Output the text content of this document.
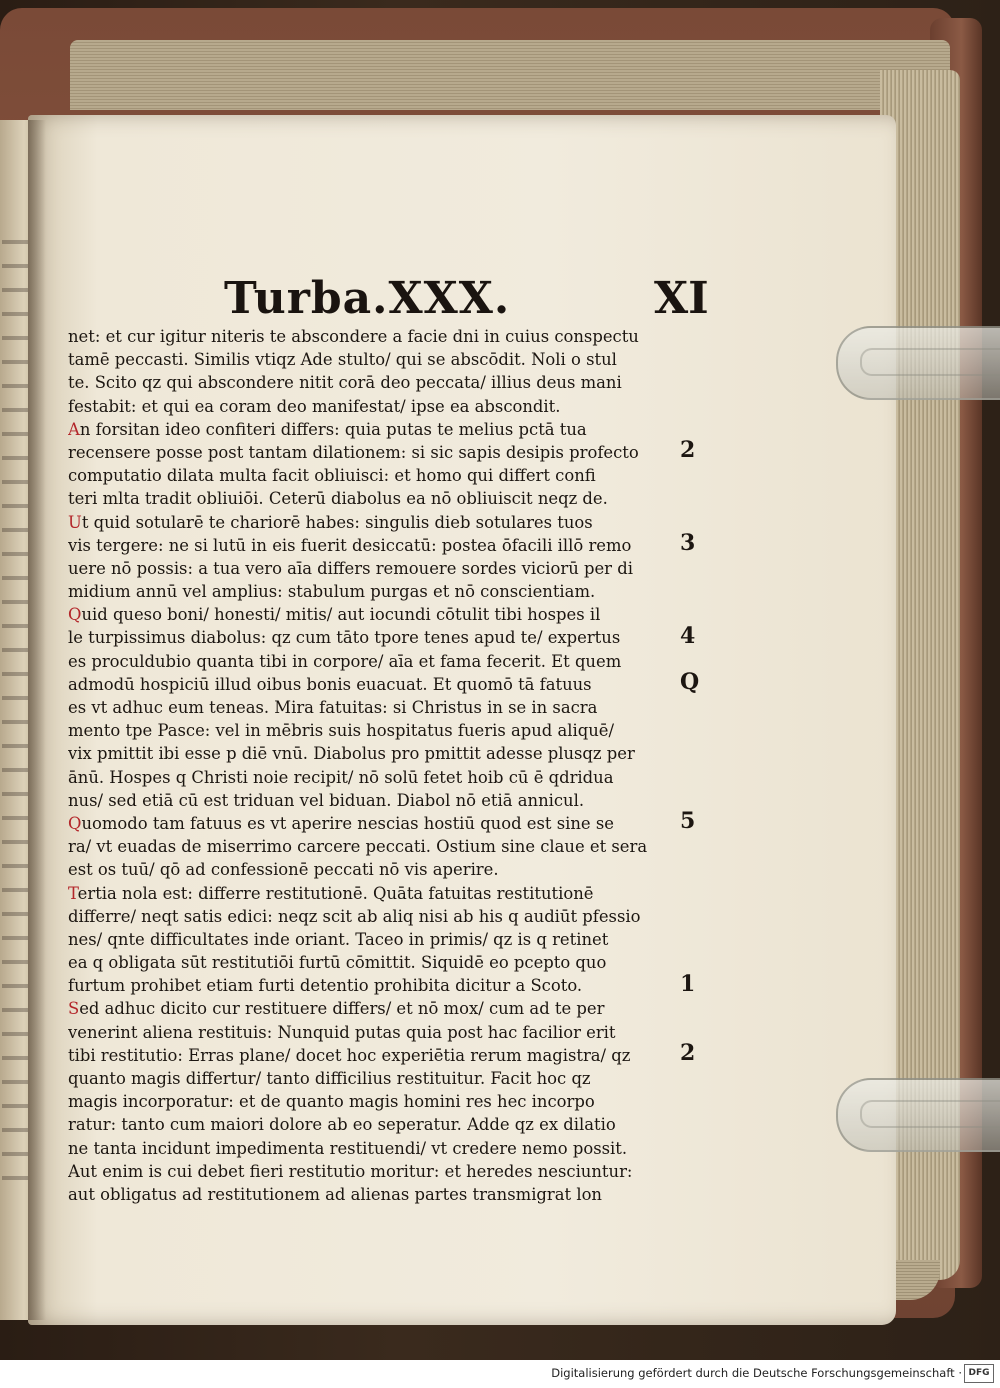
Turba.XXX.	XI
net: et cur igitur niteris te abscondere a facie dni in cuius conspectu
tamē peccasti. Similis vtiqz Ade stulto/ qui se abscōdit. Noli o stul
te. Scito qz qui abscondere nitit corā deo peccata/ illius deus mani
festabit: et qui ea coram deo manifestat/ ipse ea abscondit.
An forsitan ideo confiteri differs: quia putas te melius pctā tua
recensere posse post tantam dilationem: si sic sapis desipis profecto
computatio dilata multa facit obliuisci: et homo qui differt confi
teri mlta tradit obliuiōi. Ceterū diabolus ea nō obliuiscit neqz de.
Ut quid sotularē te chariorē habes: singulis dieb sotulares tuos
vis tergere: ne si lutū in eis fuerit desiccatū: postea ōfacili illō remo
uere nō possis: a tua vero aīa differs remouere sordes viciorū per di
midium annū vel amplius: stabulum purgas et nō conscientiam.
Quid queso boni/ honesti/ mitis/ aut iocundi cōtulit tibi hospes il
le turpissimus diabolus: qz cum tāto tpore tenes apud te/ expertus
es proculdubio quanta tibi in corpore/ aīa et fama fecerit. Et quem
admodū hospiciū illud oibus bonis euacuat. Et quomō tā fatuus
es vt adhuc eum teneas. Mira fatuitas: si Christus in se in sacra
mento tpe Pasce: vel in mēbris suis hospitatus fueris apud aliquē/
vix pmittit ibi esse p diē vnū. Diabolus pro pmittit adesse plusqz per
ānū. Hospes q Christi noie recipit/ nō solū fetet hoib cū ē qdridua
nus/ sed etiā cū est triduan vel biduan. Diabol nō etiā annicul.
Quomodo tam fatuus es vt aperire nescias hostiū quod est sine se
ra/ vt euadas de miserrimo carcere peccati. Ostium sine claue et sera
est os tuū/ qō ad confessionē peccati nō vis aperire.
Tertia nola est: differre restitutionē. Quāta fatuitas restitutionē
differre/ neqt satis edici: neqz scit ab aliq nisi ab his q audiūt pfessio
nes/ qnte difficultates inde oriant. Taceo in primis/ qz is q retinet
ea q obligata sūt restitutiōi furtū cōmittit. Siquidē eo pcepto quo
furtum prohibet etiam furti detentio prohibita dicitur a Scoto.
Sed adhuc dicito cur restituere differs/ et nō mox/ cum ad te per
venerint aliena restituis: Nunquid putas quia post hac facilior erit
tibi restitutio: Erras plane/ docet hoc experiētia rerum magistra/ qz
quanto magis differtur/ tanto difficilius restituitur. Facit hoc qz
magis incorporatur: et de quanto magis homini res hec incorpo
ratur: tanto cum maiori dolore ab eo seperatur. Adde qz ex dilatio
ne tanta incidunt impedimenta restituendi/ vt credere nemo possit.
Aut enim is cui debet fieri restitutio moritur: et heredes nesciuntur:
aut obligatus ad restitutionem ad alienas partes transmigrat lon
2
3
4
Q
5
1
2
Digitalisierung gefördert durch die Deutsche Forschungsgemeinschaft · DFG
